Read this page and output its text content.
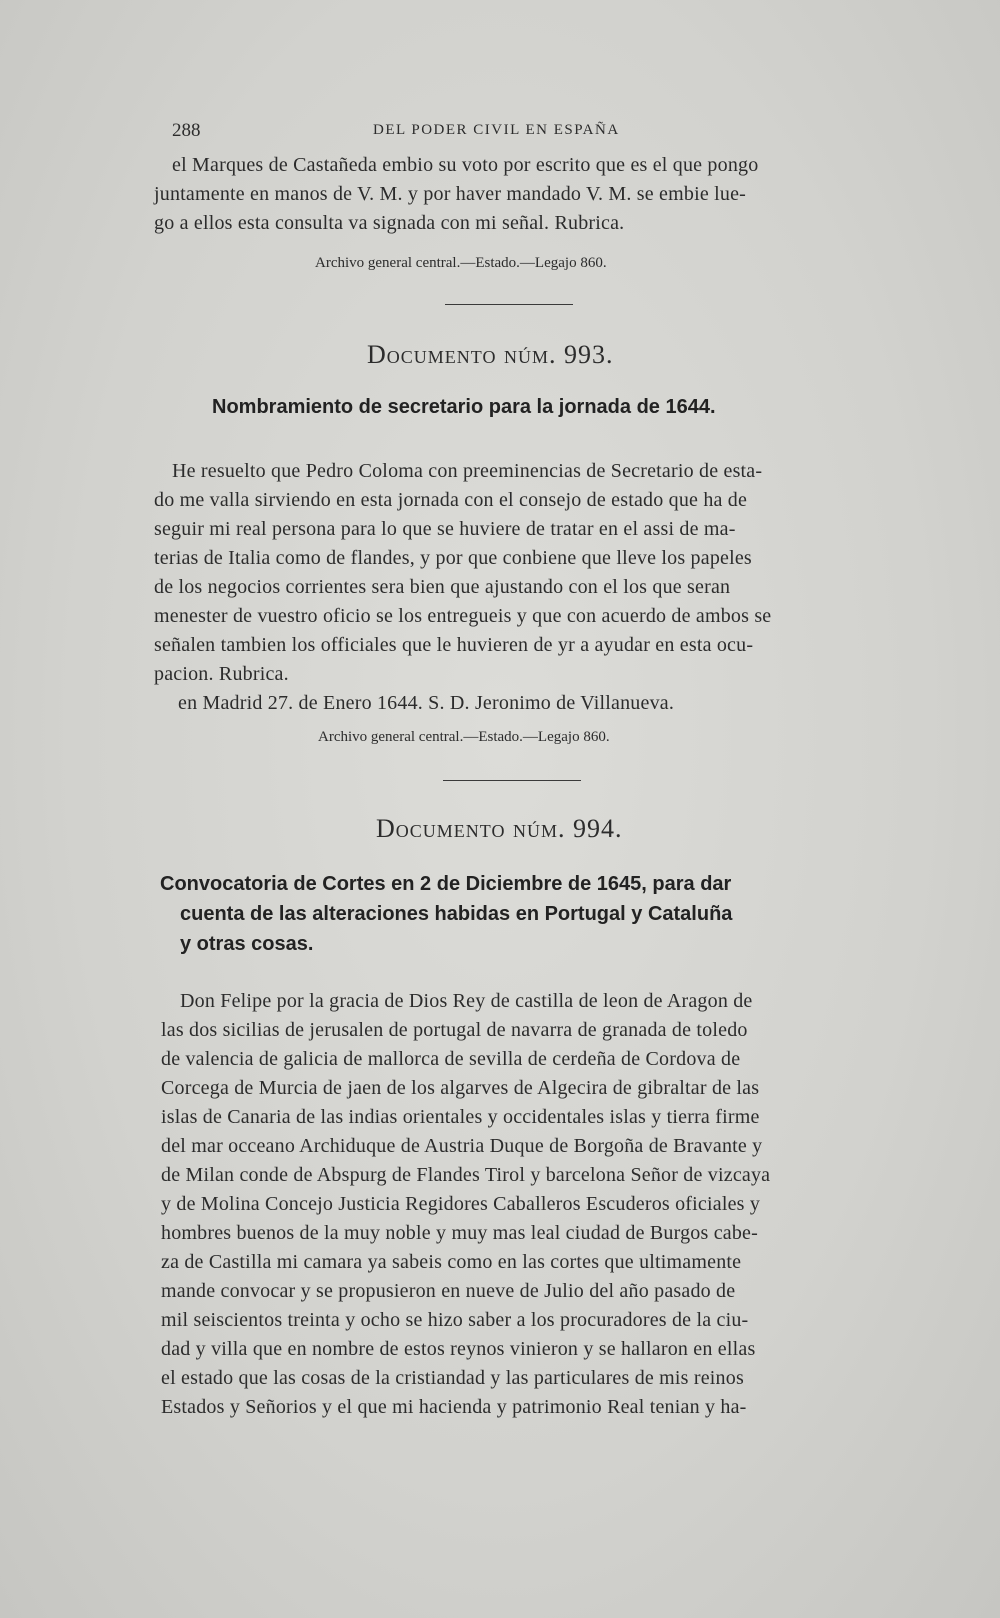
288	DEL PODER CIVIL EN ESPAÑA
el Marques de Castañeda embio su voto por escrito que es el que pongo
juntamente en manos de V. M. y por haver mandado V. M. se embie lue-
go a ellos esta consulta va signada con mi señal. Rubrica.
Archivo general central.—Estado.—Legajo 860.
Documento núm. 993.
Nombramiento de secretario para la jornada de 1644.
He resuelto que Pedro Coloma con preeminencias de Secretario de esta-
do me valla sirviendo en esta jornada con el consejo de estado que ha de
seguir mi real persona para lo que se huviere de tratar en el assi de ma-
terias de Italia como de flandes, y por que conbiene que lleve los papeles
de los negocios corrientes sera bien que ajustando con el los que seran
menester de vuestro oficio se los entregueis y que con acuerdo de ambos se
señalen tambien los officiales que le huvieren de yr a ayudar en esta ocu-
pacion. Rubrica.
en Madrid 27. de Enero 1644. S. D. Jeronimo de Villanueva.
Archivo general central.—Estado.—Legajo 860.
Documento núm. 994.
Convocatoria de Cortes en 2 de Diciembre de 1645, para dar
cuenta de las alteraciones habidas en Portugal y Cataluña
y otras cosas.
Don Felipe por la gracia de Dios Rey de castilla de leon de Aragon de
las dos sicilias de jerusalen de portugal de navarra de granada de toledo
de valencia de galicia de mallorca de sevilla de cerdeña de Cordova de
Corcega de Murcia de jaen de los algarves de Algecira de gibraltar de las
islas de Canaria de las indias orientales y occidentales islas y tierra firme
del mar occeano Archiduque de Austria Duque de Borgoña de Bravante y
de Milan conde de Abspurg de Flandes Tirol y barcelona Señor de vizcaya
y de Molina Concejo Justicia Regidores Caballeros Escuderos oficiales y
hombres buenos de la muy noble y muy mas leal ciudad de Burgos cabe-
za de Castilla mi camara ya sabeis como en las cortes que ultimamente
mande convocar y se propusieron en nueve de Julio del año pasado de
mil seiscientos treinta y ocho se hizo saber a los procuradores de la ciu-
dad y villa que en nombre de estos reynos vinieron y se hallaron en ellas
el estado que las cosas de la cristiandad y las particulares de mis reinos
Estados y Señorios y el que mi hacienda y patrimonio Real tenian y ha-
